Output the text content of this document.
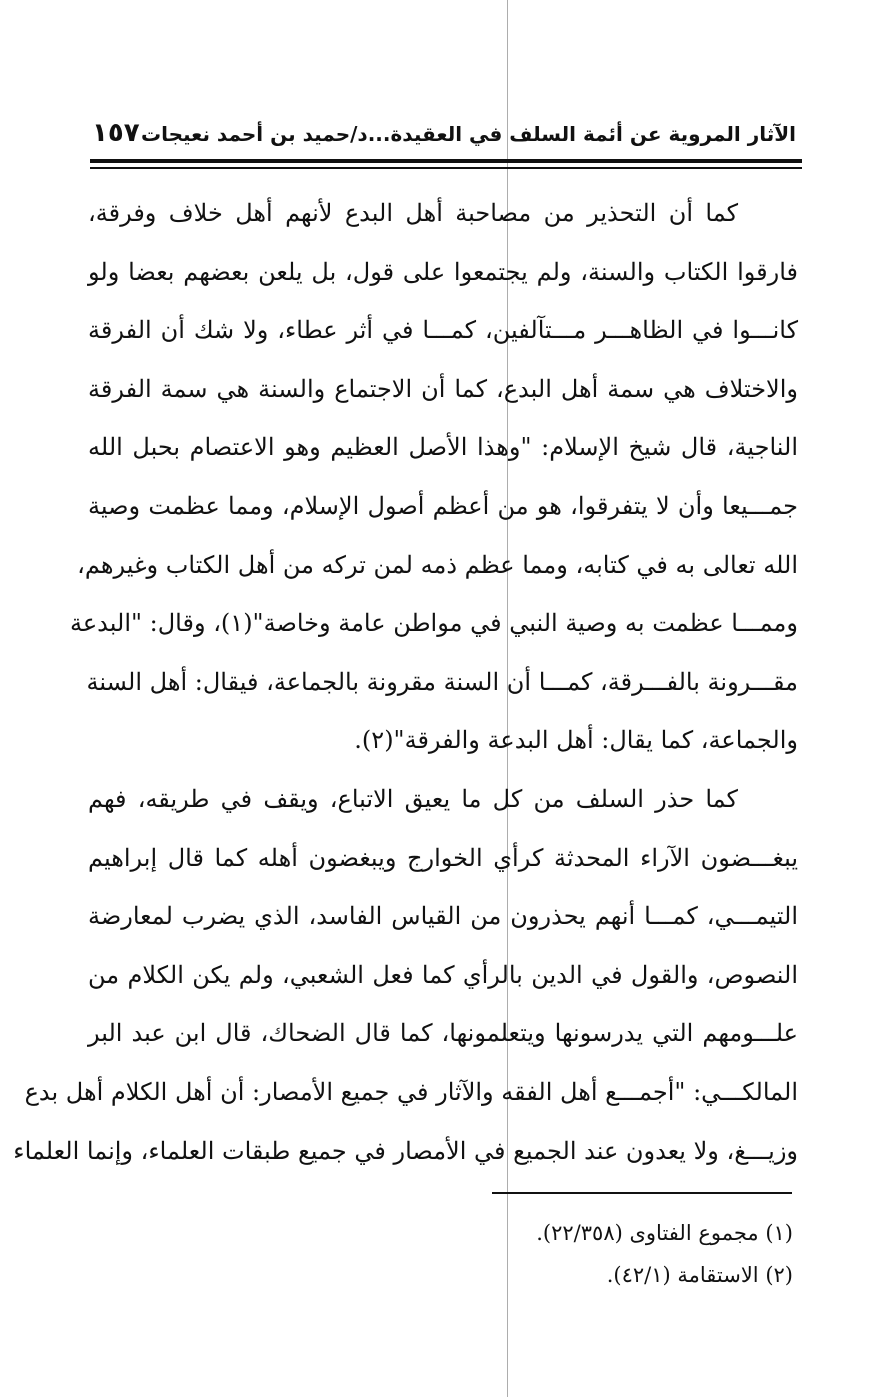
الآثار المروية عن أئمة السلف في العقيدة...د/حميد بن أحمد نعيجات
١٥٧
كما أن التحذير من مصاحبة أهل البدع لأنهم أهل خلاف وفرقة،
فارقوا الكتاب والسنة، ولم يجتمعوا على قول، بل يلعن بعضهم بعضا ولو
كانـــوا في الظاهـــر مـــتآلفين، كمـــا في أثر عطاء، ولا شك أن الفرقة
والاختلاف هي سمة أهل البدع، كما أن الاجتماع والسنة هي سمة الفرقة
الناجية، قال شيخ الإسلام: "وهذا الأصل العظيم وهو الاعتصام بحبل الله
جمـــيعا وأن لا يتفرقوا، هو من أعظم أصول الإسلام، ومما عظمت وصية
الله تعالى به في كتابه، ومما عظم ذمه لمن تركه من أهل الكتاب وغيرهم،
وممـــا عظمت به وصية النبي في مواطن عامة وخاصة"(١)، وقال: "البدعة
مقـــرونة بالفـــرقة، كمـــا أن السنة مقرونة بالجماعة، فيقال: أهل السنة
والجماعة، كما يقال: أهل البدعة والفرقة"(٢).
كما حذر السلف من كل ما يعيق الاتباع، ويقف في طريقه، فهم
يبغـــضون الآراء المحدثة كرأي الخوارج ويبغضون أهله كما قال إبراهيم
التيمـــي، كمـــا أنهم يحذرون من القياس الفاسد، الذي يضرب لمعارضة
النصوص، والقول في الدين بالرأي كما فعل الشعبي، ولم يكن الكلام من
علـــومهم التي يدرسونها ويتعلمونها، كما قال الضحاك، قال ابن عبد البر
المالكـــي: "أجمـــع أهل الفقه والآثار في جميع الأمصار: أن أهل الكلام أهل بدع
وزيـــغ، ولا يعدون عند الجميع في الأمصار في جميع طبقات العلماء، وإنما العلماء
(١) مجموع الفتاوى (٢٢/٣٥٨).
(٢) الاستقامة (٤٢/١).
